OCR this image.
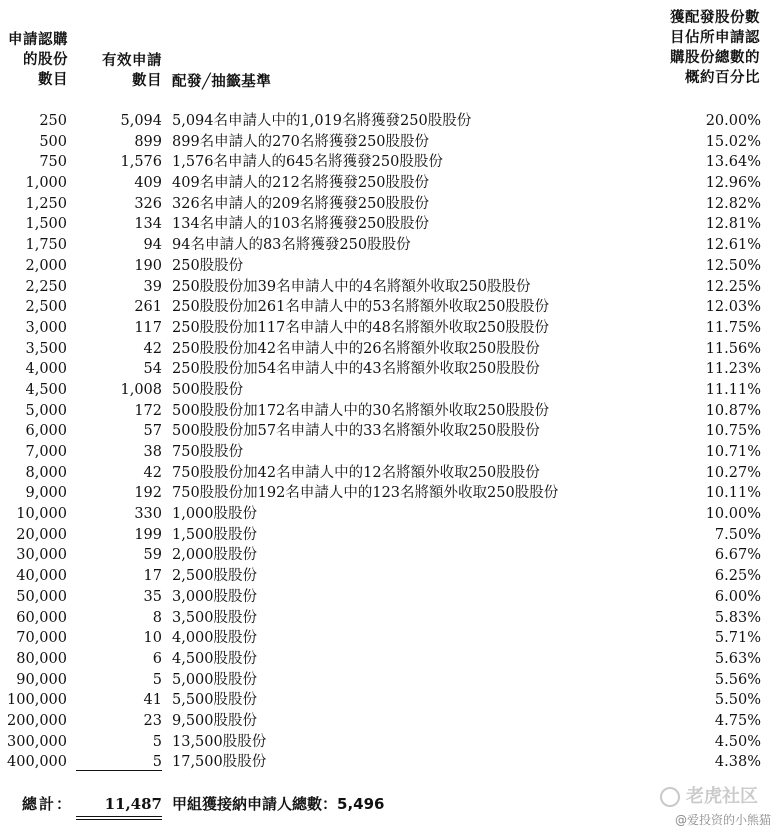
申請認購
的股份
數目
有效申請
數目 配發╱抽籤基準
獲配發股份數
目佔所申請認
購股份總數的
概約百分比
250	5,094 5,094名申請人中的1,019名將獲發250股股份	20.00%
500	899 899名申請人的270名將獲發250股股份	15.02%
750	1,576 1,576名申請人的645名將獲發250股股份	13.64%
1,000	409 409名申請人的212名將獲發250股股份	12.96%
1,250	326 326名申請人的209名將獲發250股股份	12.82%
1,500	134 134名申請人的103名將獲發250股股份	12.81%
1,750	94 94名申請人的83名將獲發250股股份	12.61%
2,000	190 250股股份	12.50%
2,250	39 250股股份加39名申請人中的4名將額外收取250股股份	12.25%
2,500	261 250股股份加261名申請人中的53名將額外收取250股股份	12.03%
3,000	117 250股股份加117名申請人中的48名將額外收取250股股份	11.75%
3,500	42 250股股份加42名申請人中的26名將額外收取250股股份	11.56%
4,000	54 250股股份加54名申請人中的43名將額外收取250股股份	11.23%
4,500	1,008 500股股份	11.11%
5,000	172 500股股份加172名申請人中的30名將額外收取250股股份	10.87%
6,000	57 500股股份加57名申請人中的33名將額外收取250股股份	10.75%
7,000	38 750股股份	10.71%
8,000	42 750股股份加42名申請人中的12名將額外收取250股股份	10.27%
9,000	192 750股股份加192名申請人中的123名將額外收取250股股份	10.11%
10,000	330 1,000股股份	10.00%
20,000	199 1,500股股份	7.50%
30,000	59 2,000股股份	6.67%
40,000	17 2,500股股份	6.25%
50,000	35 3,000股股份	6.00%
60,000	8 3,500股股份	5.83%
70,000	10 4,000股股份	5.71%
80,000	6 4,500股股份	5.63%
90,000	5 5,000股股份	5.56%
100,000	41 5,500股股份	5.50%
200,000	23 9,500股股份	4.75%
300,000	5 13,500股股份	4.50%
400,000	5 17,500股股份	4.38%
總計： 11,487 甲組獲接納申請人總數：5,496	老虎社区
@爱投资的小熊猫
